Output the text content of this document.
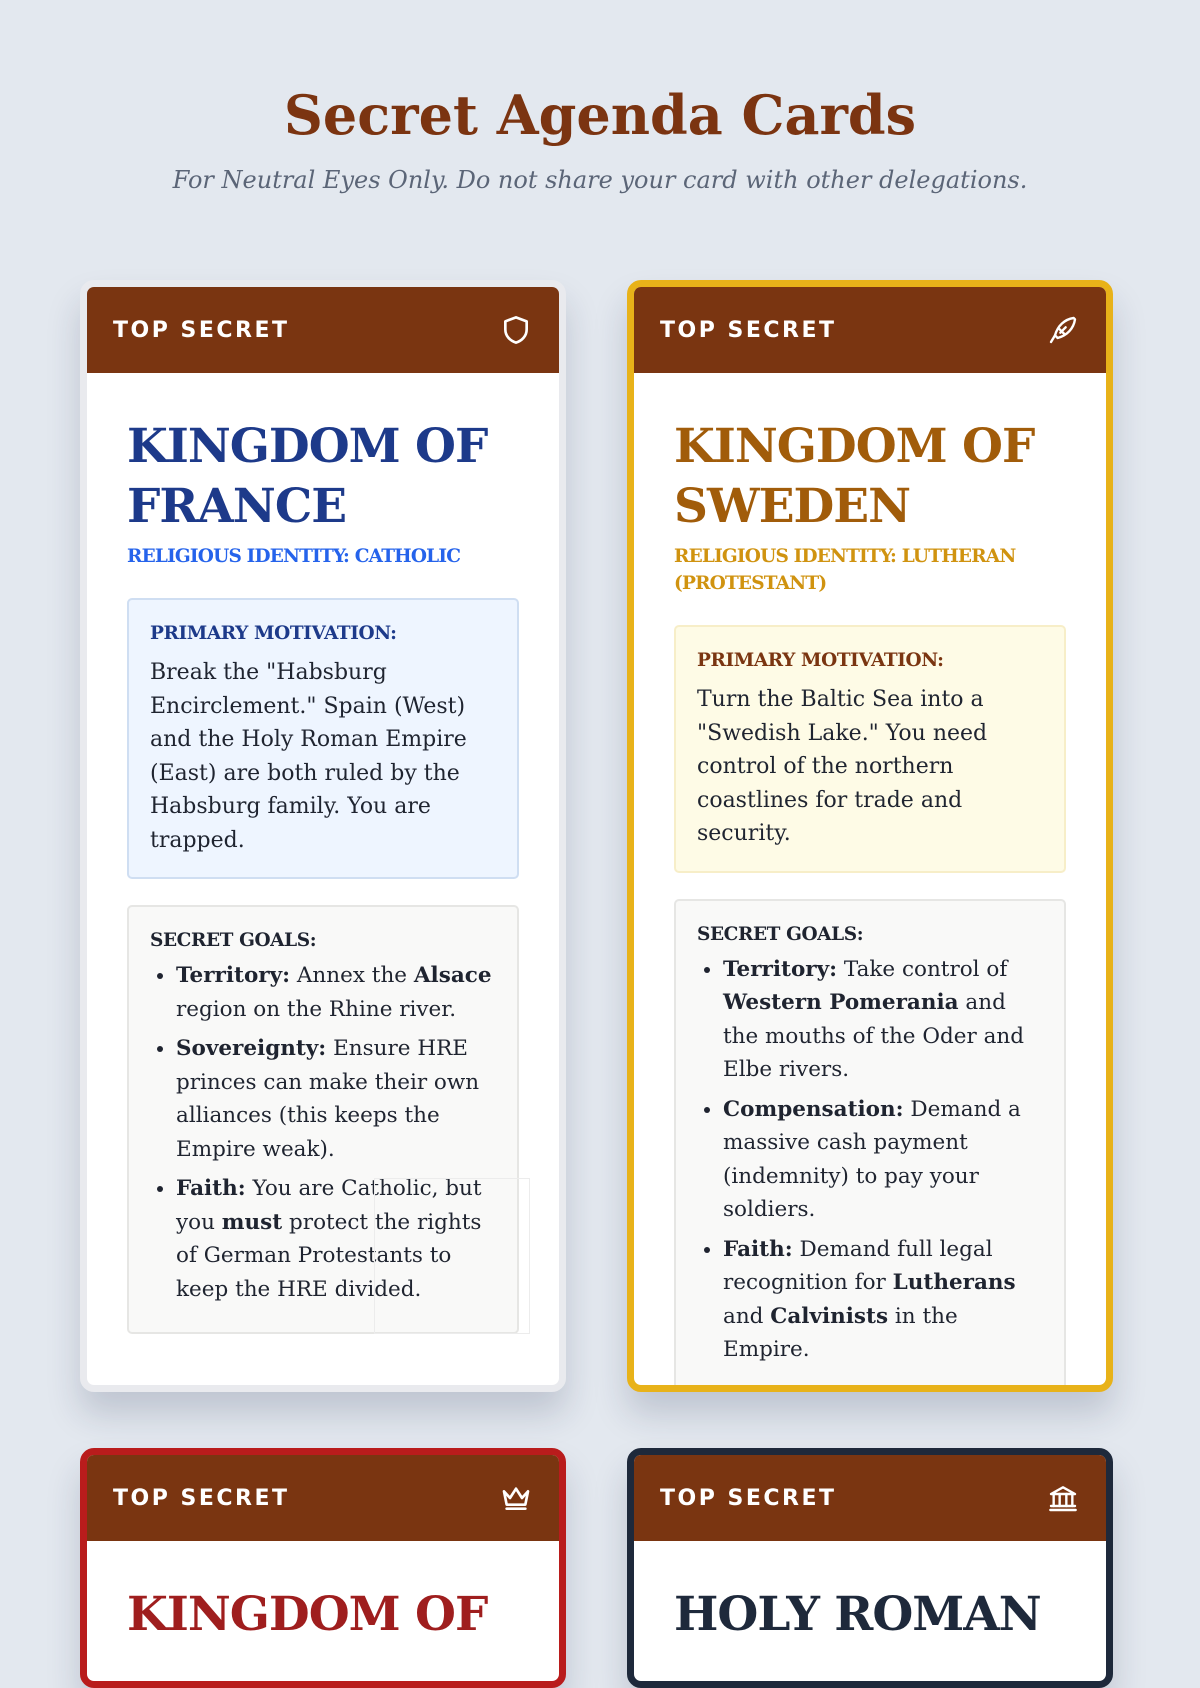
Secret Agenda Cards

For Neutral Eyes Only. Do not share your card with other delegations.

TOP SECRET
KINGDOM OF FRANCE
RELIGIOUS IDENTITY: CATHOLIC
PRIMARY MOTIVATION:
Break the "Habsburg Encirclement." Spain (West) and the Holy Roman Empire (East) are both ruled by the Habsburg family. You are trapped.
SECRET GOALS:
• Territory: Annex the Alsace region on the Rhine river.
• Sovereignty: Ensure HRE princes can make their own alliances (this keeps the Empire weak).
• Faith: You are Catholic, but you must protect the rights of German Protestants to keep the HRE divided.
TOP SECRET
KINGDOM OF SWEDEN
RELIGIOUS IDENTITY: LUTHERAN (PROTESTANT)
PRIMARY MOTIVATION:
Turn the Baltic Sea into a "Swedish Lake." You need control of the northern coastlines for trade and security.
SECRET GOALS:
• Territory: Take control of Western Pomerania and the mouths of the Oder and Elbe rivers.
• Compensation: Demand a massive cash payment (indemnity) to pay your soldiers.
• Faith: Demand full legal recognition for Lutherans and Calvinists in the Empire.
TOP SECRET
KINGDOM OF
TOP SECRET
HOLY ROMAN
